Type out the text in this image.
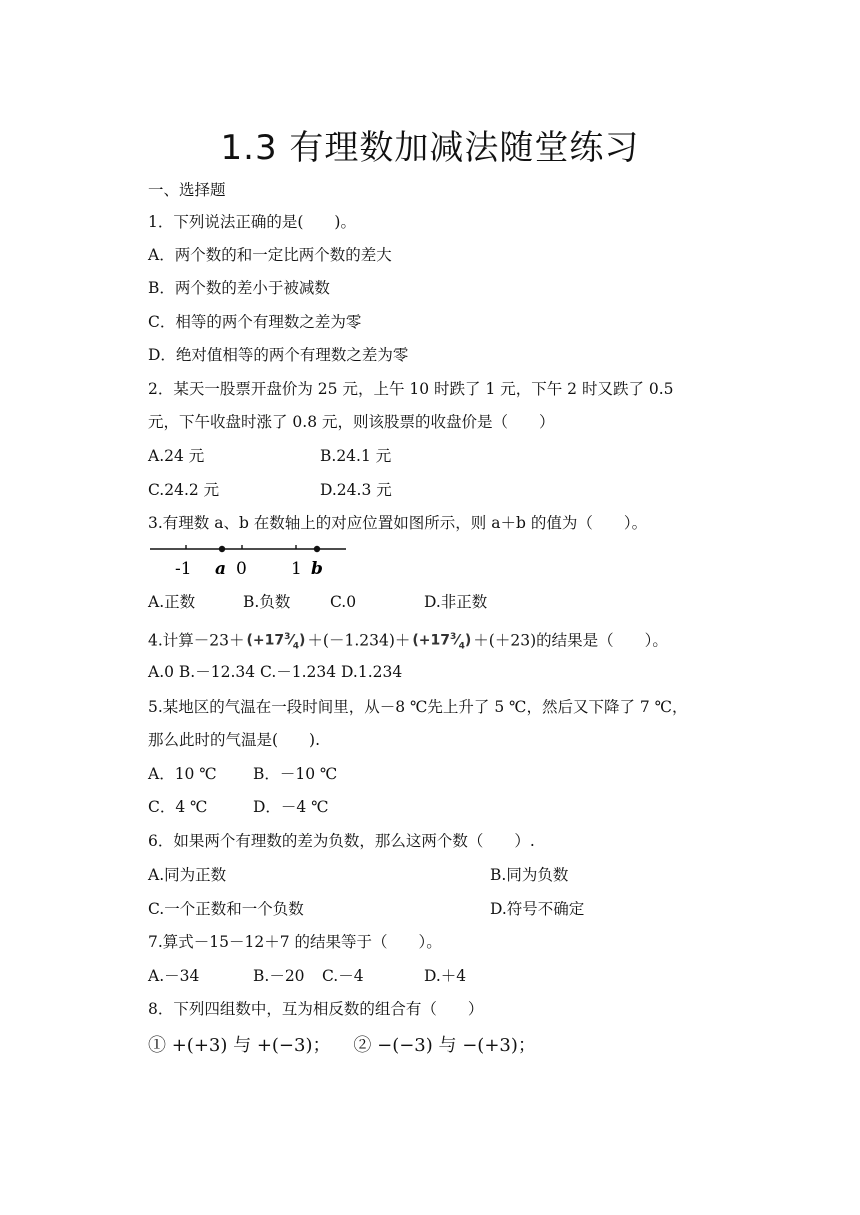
1.3 有理数加减法随堂练习
一、选择题
1．下列说法正确的是(　　)。
A．两个数的和一定比两个数的差大
B．两个数的差小于被减数
C．相等的两个有理数之差为零
D．绝对值相等的两个有理数之差为零
2．某天一股票开盘价为 25 元，上午 10 时跌了 1 元，下午 2 时又跌了 0.5
元，下午收盘时涨了 0.8 元，则该股票的收盘价是（　　）
A.24 元	B.24.1 元
C.24.2 元	D.24.3 元
3.有理数 a、b 在数轴上的对应位置如图所示，则 a＋b 的值为（　　）。
-1 a 0	1 b
A.正数	B.负数	C.0	D.非正数
4.计算$-23+ (+17^3⁄_4) +(-1.234)+$ $(+17^3⁄_4) +(+23)$的结果是（　　）。
A.0 B.－12.34 C.－1.234 D.1.234
5.某地区的气温在一段时间里，从－8 ℃先上升了 5 ℃，然后又下降了 7 ℃，
那么此时的气温是(　　).
A．10 ℃ B．－10 ℃
C．4 ℃	D．－4 ℃
6．如果两个有理数的差为负数，那么这两个数（　　）.
A.同为正数	B.同为负数
C.一个正数和一个负数	D.符号不确定
7.算式－15－12＋7 的结果等于（　　）。
A.－34	B.－20 C.－4	D.＋4
8．下列四组数中，互为相反数的组合有（　　）
① +(+3) 与 +(−3)； ② −(−3) 与 −(+3)；
